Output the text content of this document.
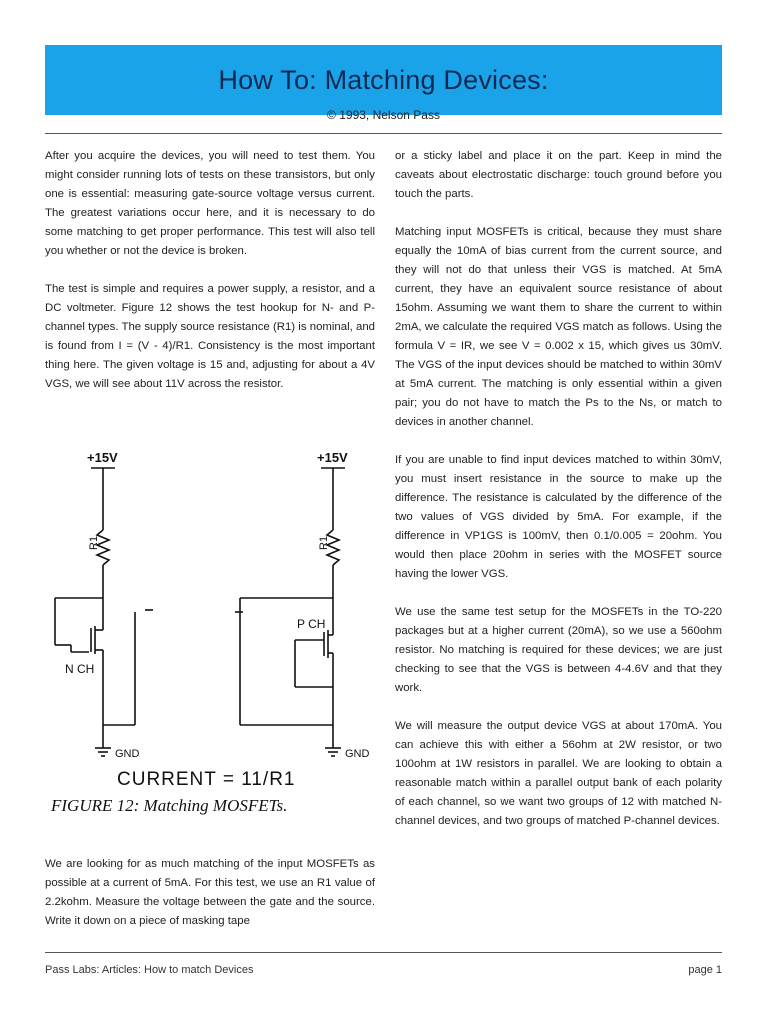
How To: Matching Devices:
© 1993, Nelson Pass

After you acquire the devices, you will need to test them. You might consider running lots of tests on these transistors, but only one is essential: measuring gate-source voltage versus current. The greatest variations occur here, and it is necessary to do some matching to get proper performance. This test will also tell you whether or not the device is broken.

The test is simple and requires a power supply, a resistor, and a DC voltmeter. Figure 12 shows the test hookup for N- and P-channel types. The supply source resistance (R1) is nominal, and is found from I = (V - 4)/R1. Consistency is the most important thing here. The given voltage is 15 and, adjusting for about a 4V VGS, we will see about 11V across the resistor.

+15V	+15V
R1	R1
N CH
P CH
GND	GND
CURRENT = 11/R1
FIGURE 12: Matching MOSFETs.

We are looking for as much matching of the input MOSFETs as possible at a current of 5mA. For this test, we use an R1 value of 2.2kohm. Measure the voltage between the gate and the source. Write it down on a piece of masking tape

or a sticky label and place it on the part. Keep in mind the caveats about electrostatic discharge: touch ground before you touch the parts.

Matching input MOSFETs is critical, because they must share equally the 10mA of bias current from the current source, and they will not do that unless their VGS is matched. At 5mA current, they have an equivalent source resistance of about 15ohm. Assuming we want them to share the current to within 2mA, we calculate the required VGS match as follows. Using the formula V = IR, we see V = 0.002 x 15, which gives us 30mV. The VGS of the input devices should be matched to within 30mV at 5mA current. The matching is only essential within a given pair; you do not have to match the Ps to the Ns, or match to devices in another channel.

If you are unable to find input devices matched to within 30mV, you must insert resistance in the source to make up the difference. The resistance is calculated by the difference of the two values of VGS divided by 5mA. For example, if the difference in VP1GS is 100mV, then 0.1/0.005 = 20ohm. You would then place 20ohm in series with the MOSFET source having the lower VGS.

We use the same test setup for the MOSFETs in the TO-220 packages but at a higher current (20mA), so we use a 560ohm resistor. No matching is required for these devices; we are just checking to see that the VGS is between 4-4.6V and that they work.

We will measure the output device VGS at about 170mA. You can achieve this with either a 56ohm at 2W resistor, or two 100ohm at 1W resistors in parallel. We are looking to obtain a reasonable match within a parallel output bank of each polarity of each channel, so we want two groups of 12 with matched N- channel devices, and two groups of matched P-channel devices.

Pass Labs: Articles: How to match Devices	page 1
